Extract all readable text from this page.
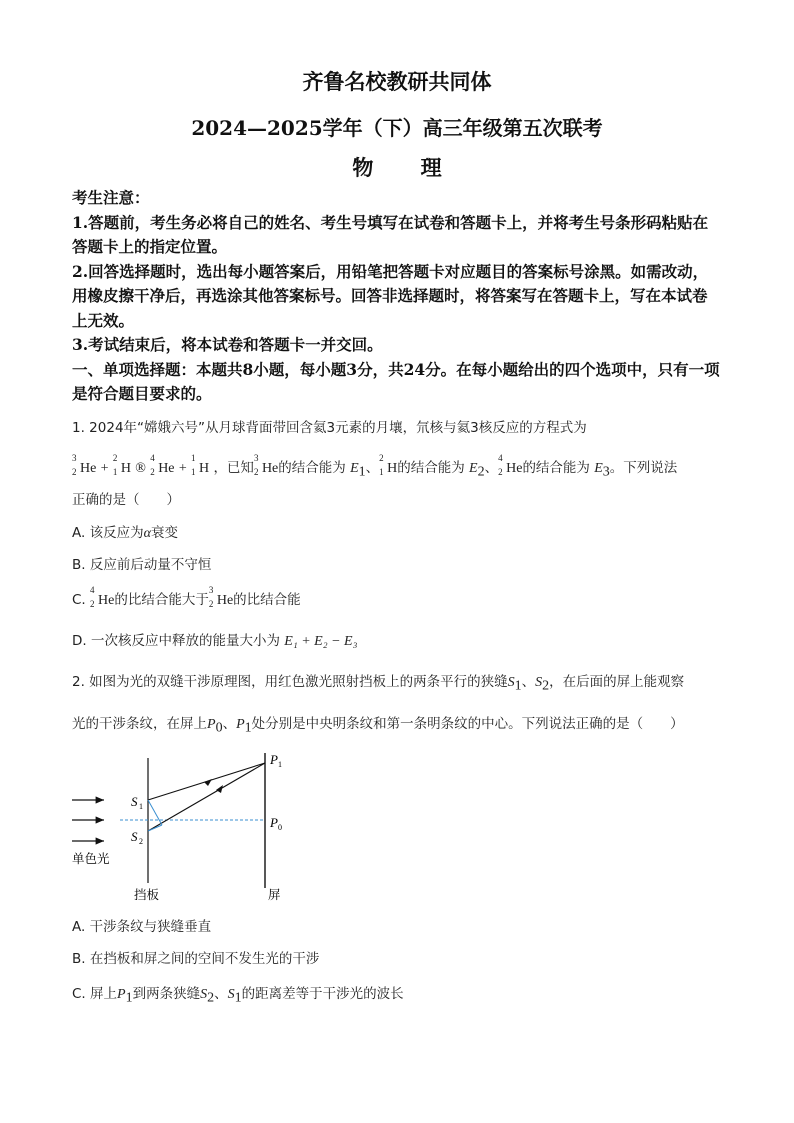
齐鲁名校教研共同体
2024—2025学年（下）高三年级第五次联考
物 理
考生注意：
1.答题前，考生务必将自己的姓名、考生号填写在试卷和答题卡上，并将考生号条形码粘贴在答题卡上的指定位置。
2.回答选择题时，选出每小题答案后，用铅笔把答题卡对应题目的答案标号涂黑。如需改动，用橡皮擦干净后，再选涂其他答案标号。回答非选择题时，将答案写在答题卡上，写在本试卷上无效。
3.考试结束后，将本试卷和答题卡一并交回。
一、单项选择题：本题共8小题，每小题3分，共24分。在每小题给出的四个选项中，只有一项是符合题目要求的。
1. 2024年“嫦娥六号”从月球背面带回含氦3元素的月壤，氘核与氦3核反应的方程式为
3
2 He +
2
1 H ®
4
2 He +
1
1 H ，已知
3
2 He的结合能为 $E_1$、
2
1 H的结合能为 $E_2$、
4
2 He的结合能为 $E_3$。下列说法
正确的是（　　）
A. 该反应为α衰变
B. 反应前后动量不守恒
C.
4
2 He的比结合能大于
3
2 He的比结合能
D. 一次核反应中释放的能量大小为 E₁ + E₂ − E₃
2. 如图为光的双缝干涉原理图，用红色激光照射挡板上的两条平行的狭缝$S_1$、$S_2$，在后面的屏上能观察
光的干涉条纹，在屏上$P_0$、$P_1$处分别是中央明条纹和第一条明条纹的中心。下列说法正确的是（　　）
S 1
S 2
P 1
P 0
单色光
挡板	屏
A. 干涉条纹与狭缝垂直
B. 在挡板和屏之间的空间不发生光的干涉
C. 屏上$P_1$到两条狭缝$S_2$、$S_1$的距离差等于干涉光的波长
